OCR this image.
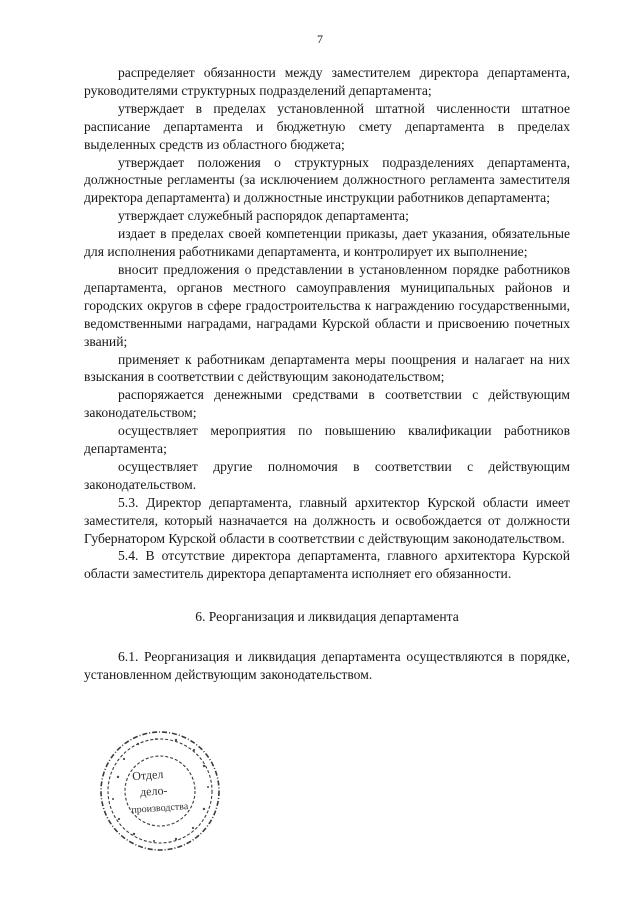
7

распределяет обязанности между заместителем директора департамента, руководителями структурных подразделений департамента;

утверждает в пределах установленной штатной численности штатное расписание департамента и бюджетную смету департамента в пределах выделенных средств из областного бюджета;

утверждает положения о структурных подразделениях департамента, должностные регламенты (за исключением должностного регламента заместителя директора департамента) и должностные инструкции работников департамента;

утверждает служебный распорядок департамента;

издает в пределах своей компетенции приказы, дает указания, обязательные для исполнения работниками департамента, и контролирует их выполнение;

вносит предложения о представлении в установленном порядке работников департамента, органов местного самоуправления муниципальных районов и городских округов в сфере градостроительства к награждению государственными, ведомственными наградами, наградами Курской области и присвоению почетных званий;

применяет к работникам департамента меры поощрения и налагает на них взыскания в соответствии с действующим законодательством;

распоряжается денежными средствами в соответствии с действующим законодательством;

осуществляет мероприятия по повышению квалификации работников департамента;

осуществляет другие полномочия в соответствии с действующим законодательством.

5.3. Директор департамента, главный архитектор Курской области имеет заместителя, который назначается на должность и освобождается от должности Губернатором Курской области в соответствии с действующим законодательством.

5.4. В отсутствие директора департамента, главного архитектора Курской области заместитель директора департамента исполняет его обязанности.

6. Реорганизация и ликвидация департамента

6.1. Реорганизация и ликвидация департамента осуществляются в порядке, установленном действующим законодательством.

Отдел
дело-
производства
